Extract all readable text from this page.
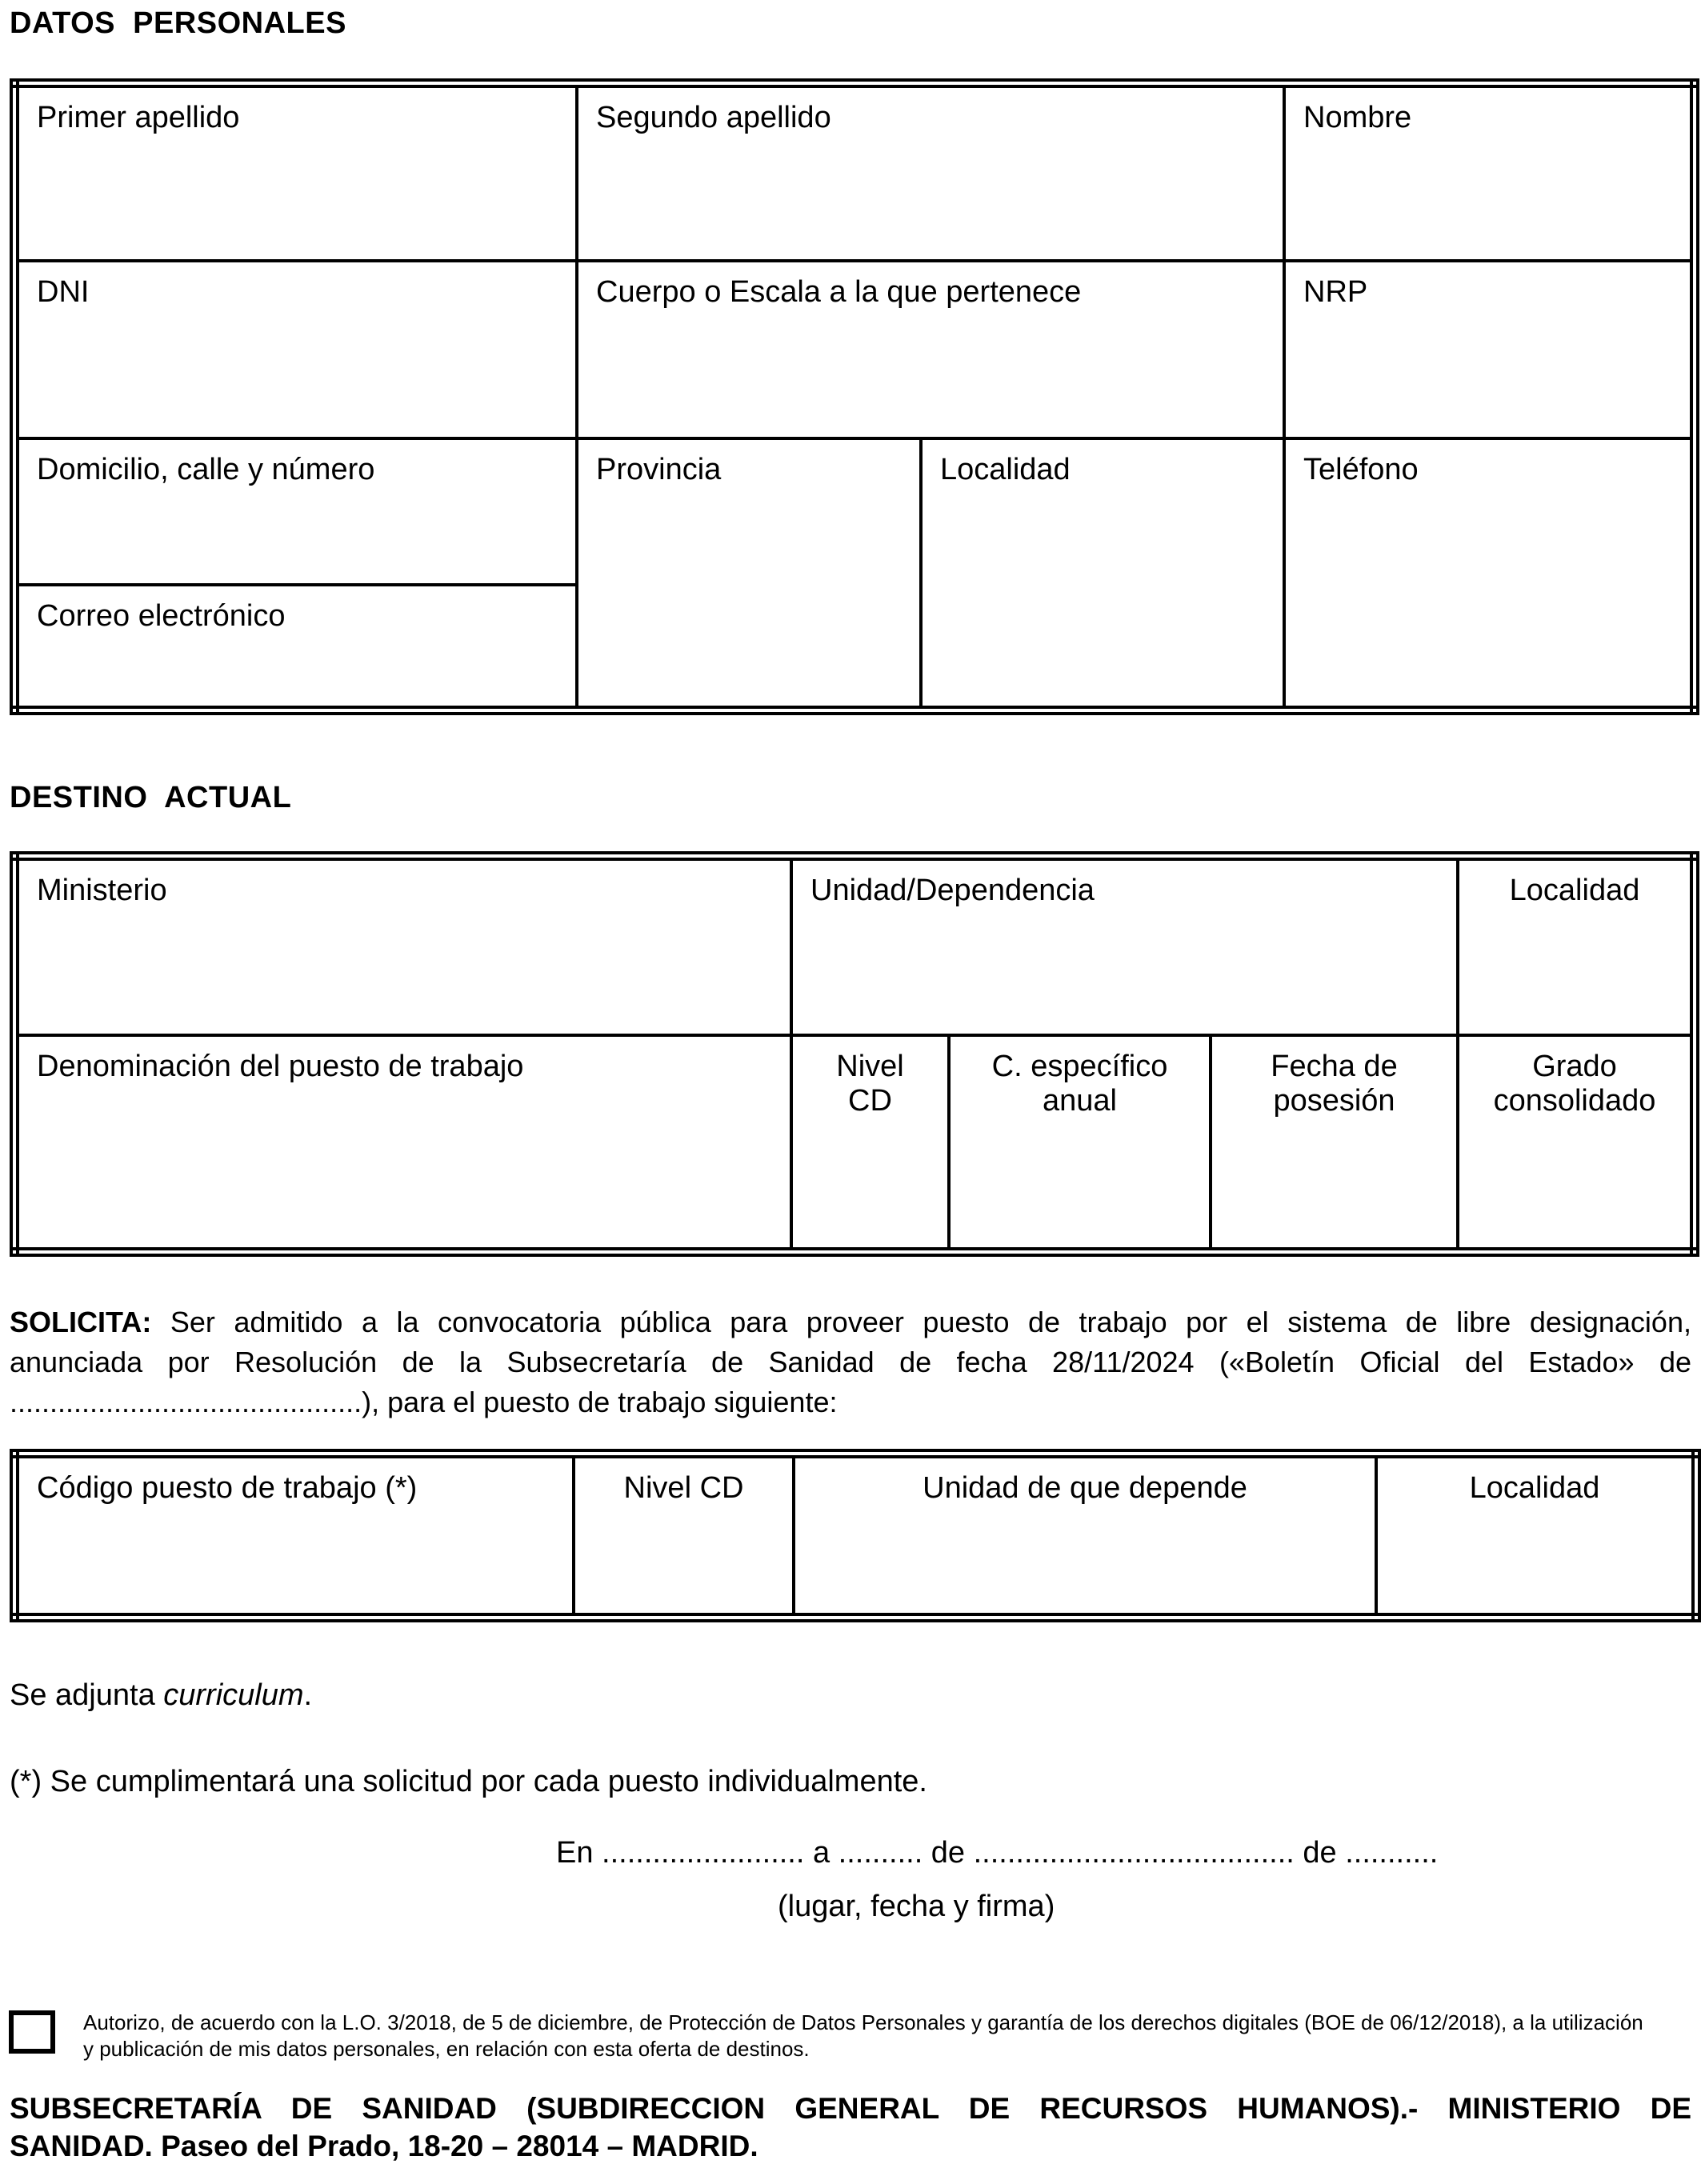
DATOS  PERSONALES
Primer apellido	Segundo apellido		Nombre
DNI	Cuerpo o Escala a la que pertenece		NRP
Domicilio, calle y número	Provincia	Localidad	Teléfono
Correo electrónico			
DESTINO  ACTUAL
Ministerio	Unidad/Dependencia			Localidad
Denominación del puesto de trabajo	Nivel CD	C. específico anual	Fecha de posesión	Grado consolidado
SOLICITA: Ser admitido a la convocatoria pública para proveer puesto de trabajo por el sistema de libre designación,
anunciada por Resolución de la Subsecretaría de Sanidad de fecha 28/11/2024 («Boletín Oficial del Estado» de
............................................), para el puesto de trabajo siguiente:
Código puesto de trabajo (*)	Nivel CD	Unidad de que depende	Localidad
Se adjunta curriculum.
(*) Se cumplimentará una solicitud por cada puesto individualmente.
En ........................ a .......... de ...................................... de ...........
(lugar, fecha y firma)
Autorizo, de acuerdo con la L.O. 3/2018, de 5 de diciembre, de Protección de Datos Personales y garantía de los derechos digitales (BOE de 06/12/2018), a la utilización
y publicación de mis datos personales, en relación con esta oferta de destinos.
SUBSECRETARÍA DE SANIDAD (SUBDIRECCION GENERAL DE RECURSOS HUMANOS).- MINISTERIO DE
SANIDAD. Paseo del Prado, 18-20 – 28014 – MADRID.
